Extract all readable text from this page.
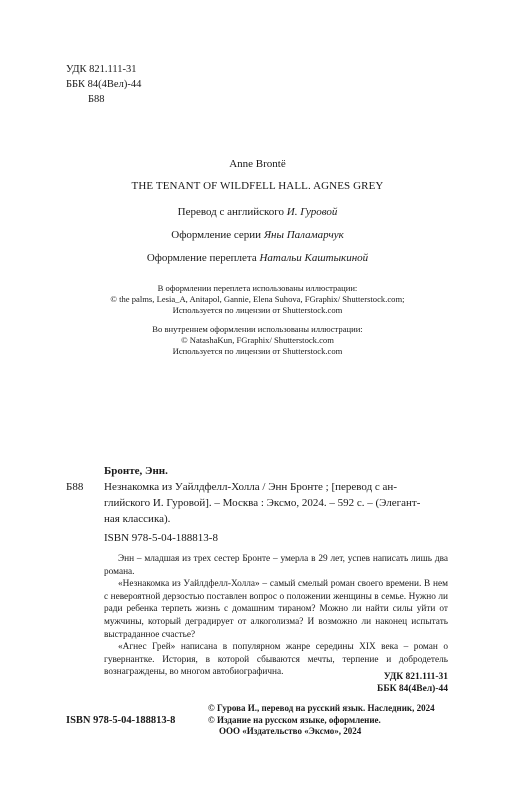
УДК 821.111-31
ББК 84(4Вел)-44
Б88
Anne Brontё
THE TENANT OF WILDFELL HALL. AGNES GREY
Перевод с английского И. Гуровой
Оформление серии Яны Паламарчук
Оформление переплета Натальи Каштыкиной
В оформлении переплета использованы иллюстрации:
© the palms, Lesia_A, Anitapol, Gannie, Elena Suhova, FGraphix/ Shutterstock.com;
Используется по лицензии от Shutterstock.com
Во внутреннем оформлении использованы иллюстрации:
© NatashaKun, FGraphix/ Shutterstock.com
Используется по лицензии от Shutterstock.com
Бронте, Энн.
Б88 Незнакомка из Уайлдфелл-Холла / Энн Бронте ; [перевод с ан-
глийского И. Гуровой]. – Москва : Эксмо, 2024. – 592 с. – (Элегант-
ная классика).
ISBN 978-5-04-188813-8

Энн – младшая из трех сестер Бронте – умерла в 29 лет, успев написать лишь два романа.

«Незнакомка из Уайлдфелл-Холла» – самый смелый роман своего времени. В нем с невероятной дерзостью поставлен вопрос о положении женщины в семье. Нужно ли ради ребенка терпеть жизнь с домашним тираном? Можно ли найти силы уйти от мужчины, который деградирует от алкоголизма? И возможно ли наконец испытать выстраданное счастье?

«Агнес Грей» написана в популярном жанре середины XIX века – роман о гувернантке. История, в которой сбываются мечты, терпение и добродетель вознаграждены, во многом автобиографична.	УДК 821.111-31
ББК 84(4Вел)-44
ISBN 978-5-04-188813-8
© Гурова И., перевод на русский язык. Наследник, 2024
© Издание на русском языке, оформление.
ООО «Издательство «Эксмо», 2024
